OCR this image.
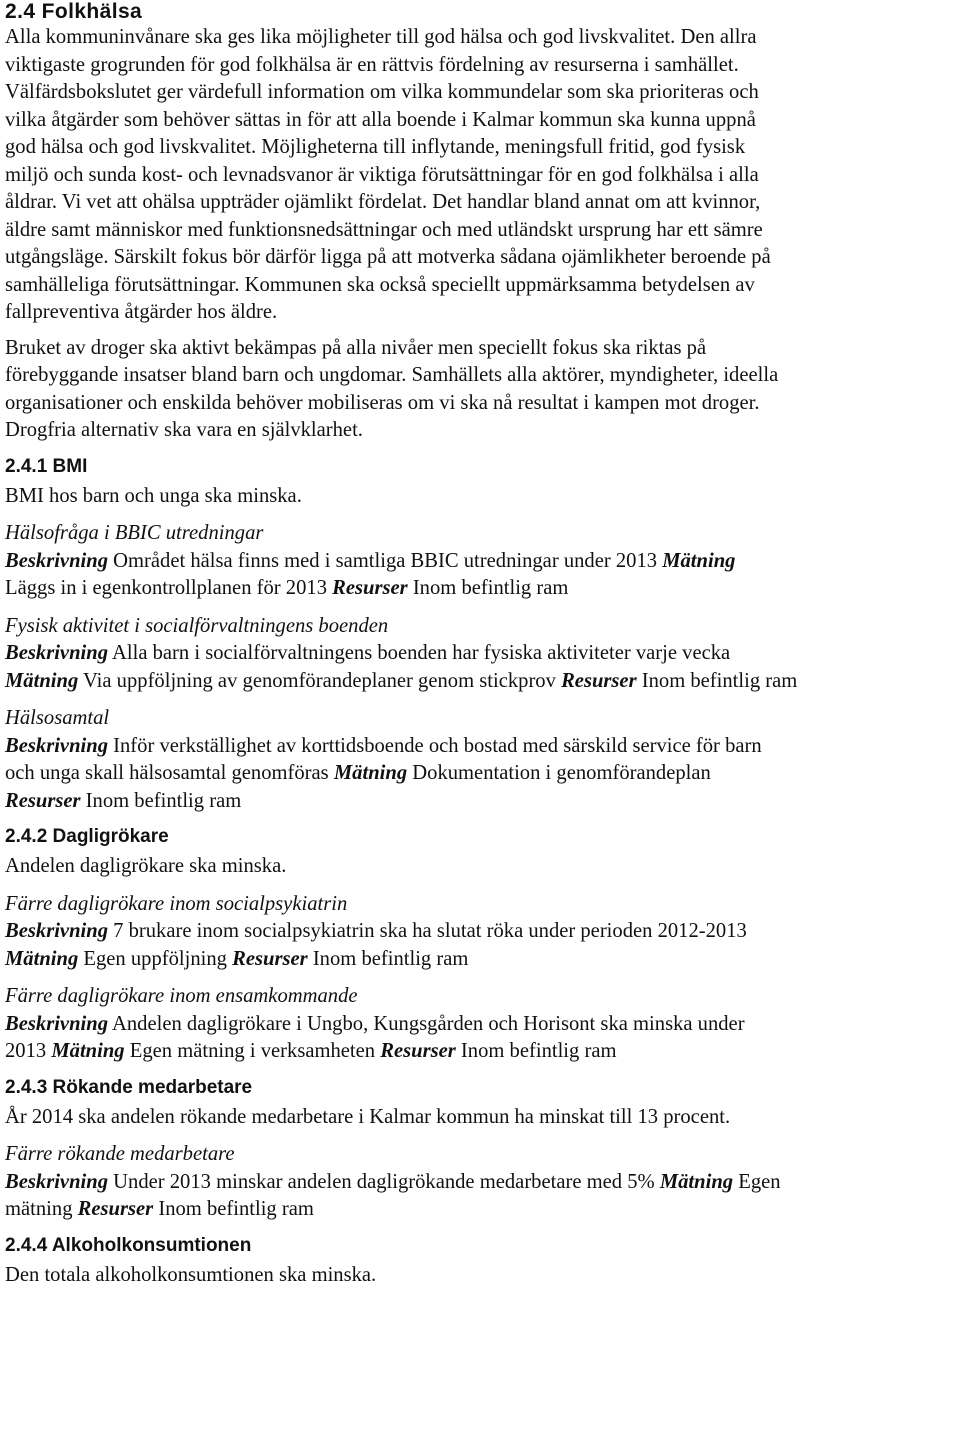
2.4 Folkhälsa

Alla kommuninvånare ska ges lika möjligheter till god hälsa och god livskvalitet. Den allra

viktigaste grogrunden för god folkhälsa är en rättvis fördelning av resurserna i samhället.

Välfärdsbokslutet ger värdefull information om vilka kommundelar som ska prioriteras och

vilka åtgärder som behöver sättas in för att alla boende i Kalmar kommun ska kunna uppnå

god hälsa och god livskvalitet. Möjligheterna till inflytande, meningsfull fritid, god fysisk

miljö och sunda kost- och levnadsvanor är viktiga förutsättningar för en god folkhälsa i alla

åldrar. Vi vet att ohälsa uppträder ojämlikt fördelat. Det handlar bland annat om att kvinnor,

äldre samt människor med funktionsnedsättningar och med utländskt ursprung har ett sämre

utgångsläge. Särskilt fokus bör därför ligga på att motverka sådana ojämlikheter beroende på

samhälleliga förutsättningar. Kommunen ska också speciellt uppmärksamma betydelsen av

fallpreventiva åtgärder hos äldre.

Bruket av droger ska aktivt bekämpas på alla nivåer men speciellt fokus ska riktas på

förebyggande insatser bland barn och ungdomar. Samhällets alla aktörer, myndigheter, ideella

organisationer och enskilda behöver mobiliseras om vi ska nå resultat i kampen mot droger.

Drogfria alternativ ska vara en självklarhet.

2.4.1 BMI

BMI hos barn och unga ska minska.

Hälsofråga i BBIC utredningar

Beskrivning Området hälsa finns med i samtliga BBIC utredningar under 2013 Mätning

Läggs in i egenkontrollplanen för 2013 Resurser Inom befintlig ram

Fysisk aktivitet i socialförvaltningens boenden

Beskrivning Alla barn i socialförvaltningens boenden har fysiska aktiviteter varje vecka

Mätning Via uppföljning av genomförandeplaner genom stickprov Resurser Inom befintlig ram

Hälsosamtal

Beskrivning Inför verkställighet av korttidsboende och bostad med särskild service för barn

och unga skall hälsosamtal genomföras Mätning Dokumentation i genomförandeplan

Resurser Inom befintlig ram

2.4.2 Dagligrökare

Andelen dagligrökare ska minska.

Färre dagligrökare inom socialpsykiatrin

Beskrivning 7 brukare inom socialpsykiatrin ska ha slutat röka under perioden 2012-2013

Mätning Egen uppföljning Resurser Inom befintlig ram

Färre dagligrökare inom ensamkommande

Beskrivning Andelen dagligrökare i Ungbo, Kungsgården och Horisont ska minska under

2013 Mätning Egen mätning i verksamheten Resurser Inom befintlig ram

2.4.3 Rökande medarbetare

År 2014 ska andelen rökande medarbetare i Kalmar kommun ha minskat till 13 procent.

Färre rökande medarbetare

Beskrivning Under 2013 minskar andelen dagligrökande medarbetare med 5% Mätning Egen

mätning Resurser Inom befintlig ram

2.4.4 Alkoholkonsumtionen

Den totala alkoholkonsumtionen ska minska.
